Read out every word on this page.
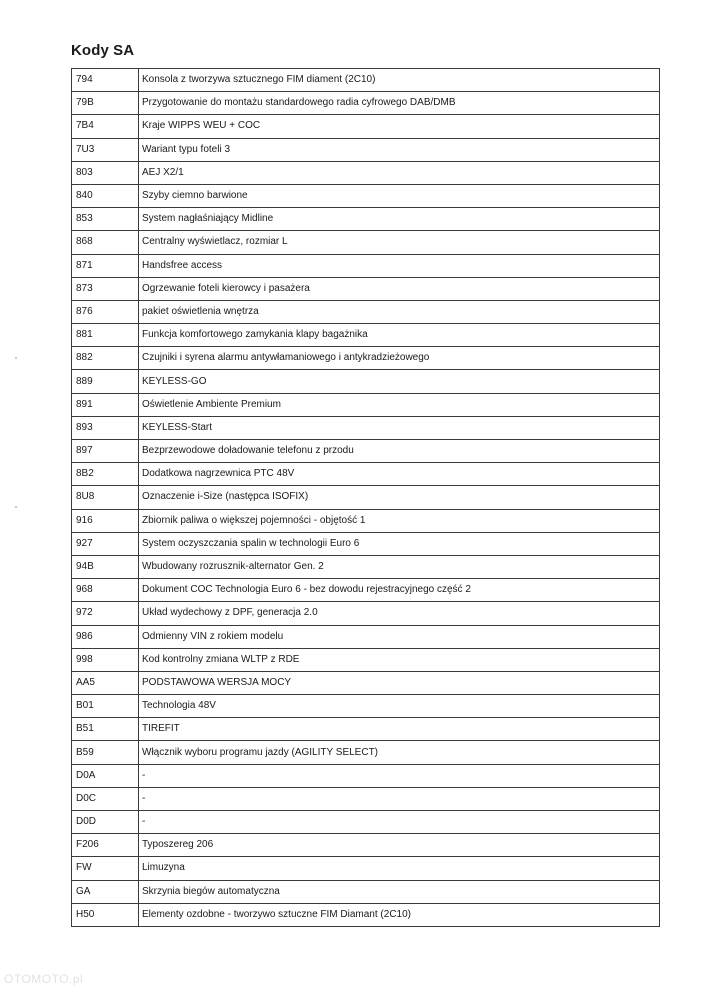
Kody SA
794	Konsola z tworzywa sztucznego FIM diament (2C10)
79B	Przygotowanie do montażu standardowego radia cyfrowego DAB/DMB
7B4	Kraje WIPPS WEU + COC
7U3	Wariant typu foteli 3
803	AEJ X2/1
840	Szyby ciemno barwione
853	System nagłaśniający Midline
868	Centralny wyświetlacz, rozmiar L
871	Handsfree access
873	Ogrzewanie foteli kierowcy i pasażera
876	pakiet oświetlenia wnętrza
881	Funkcja komfortowego zamykania klapy bagażnika
882	Czujniki i syrena alarmu antywłamaniowego i antykradzieżowego
889	KEYLESS-GO
891	Oświetlenie Ambiente Premium
893	KEYLESS-Start
897	Bezprzewodowe doładowanie telefonu z przodu
8B2	Dodatkowa nagrzewnica PTC 48V
8U8	Oznaczenie i-Size (następca ISOFIX)
916	Zbiornik paliwa o większej pojemności - objętość 1
927	System oczyszczania spalin w technologii Euro 6
94B	Wbudowany rozrusznik-alternator Gen. 2
968	Dokument COC Technologia Euro 6 - bez dowodu rejestracyjnego część 2
972	Układ wydechowy z DPF, generacja 2.0
986	Odmienny VIN z rokiem modelu
998	Kod kontrolny zmiana WLTP z RDE
AA5	PODSTAWOWA WERSJA MOCY
B01	Technologia 48V
B51	TIREFIT
B59	Włącznik wyboru programu jazdy (AGILITY SELECT)
D0A	-
D0C	-
D0D	-
F206	Typoszereg 206
FW	Limuzyna
GA	Skrzynia biegów automatyczna
H50	Elementy ozdobne - tworzywo sztuczne FIM Diamant (2C10)
OTOMOTO.pl
